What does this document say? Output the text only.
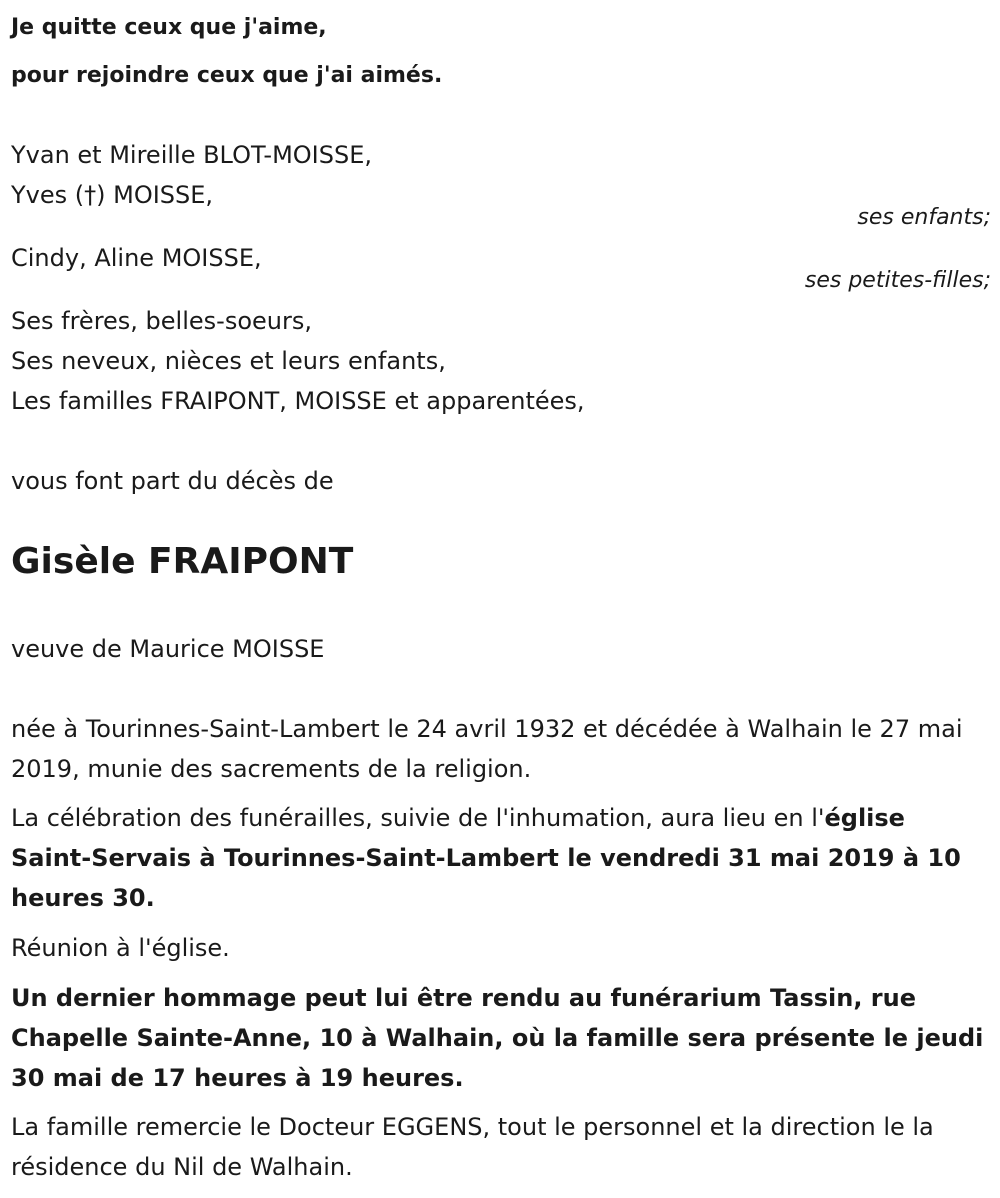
Je quitte ceux que j'aime,
pour rejoindre ceux que j'ai aimés.
Yvan et Mireille BLOT-MOISSE,
Yves (†) MOISSE,
ses enfants;
Cindy, Aline MOISSE,
ses petites-filles;
Ses frères, belles-soeurs,
Ses neveux, nièces et leurs enfants,
Les familles FRAIPONT, MOISSE et apparentées,
vous font part du décès de
Gisèle FRAIPONT
veuve de Maurice MOISSE
née à Tourinnes-Saint-Lambert le 24 avril 1932 et décédée à Walhain le 27 mai 2019, munie des sacrements de la religion.
La célébration des funérailles, suivie de l'inhumation, aura lieu en l'église Saint-Servais à Tourinnes-Saint-Lambert le vendredi 31 mai 2019 à 10 heures 30.
Réunion à l'église.
Un dernier hommage peut lui être rendu au funérarium Tassin, rue Chapelle Sainte-Anne, 10 à Walhain, où la famille sera présente le jeudi 30 mai de 17 heures à 19 heures.
La famille remercie le Docteur EGGENS, tout le personnel et la direction le la résidence du Nil de Walhain.
